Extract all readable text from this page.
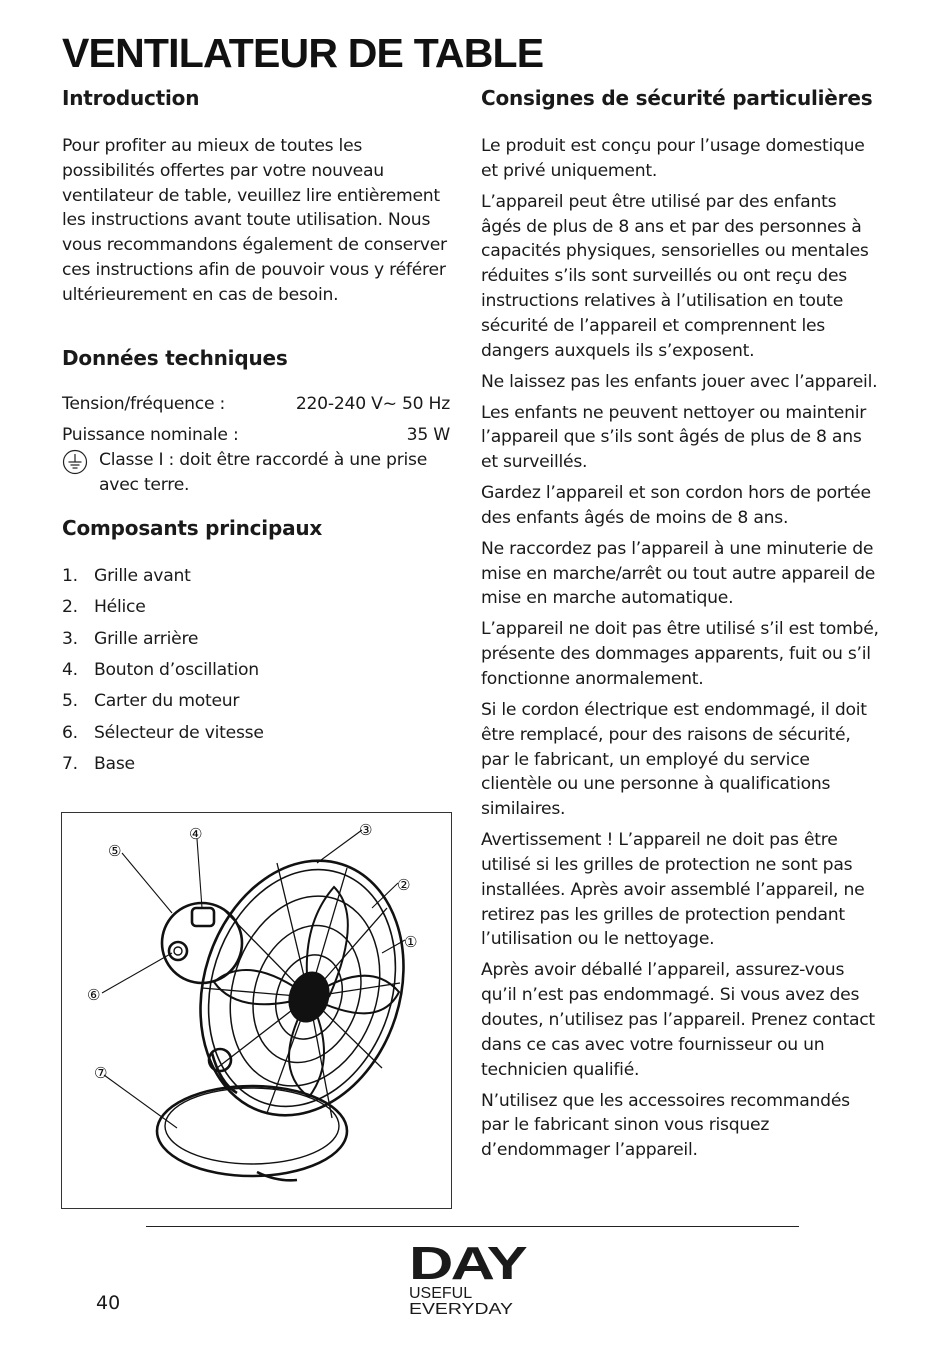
VENTILATEUR DE TABLE
Introduction

Pour profiter au mieux de toutes les possibilités offertes par votre nouveau ventilateur de table, veuillez lire entièrement les instructions avant toute utilisation. Nous vous recommandons également de conserver ces instructions afin de pouvoir vous y référer ultérieurement en cas de besoin.

Données techniques
Tension/fréquence :	220-240 V~ 50 Hz
Puissance nominale :	35 W
Classe I : doit être raccordé à une prise avec terre.
Composants principaux
1. Grille avant
2. Hélice
3. Grille arrière
4. Bouton d’oscillation
5. Carter du moteur
6. Sélecteur de vitesse
7. Base
①
②
③
④
⑤
⑥
⑦
Consignes de sécurité particulières

Le produit est conçu pour l’usage domestique et privé uniquement.

L’appareil peut être utilisé par des enfants âgés de plus de 8 ans et par des personnes à capacités physiques, sensorielles ou mentales réduites s’ils sont surveillés ou ont reçu des instructions relatives à l’utilisation en toute sécurité de l’appareil et comprennent les dangers auxquels ils s’exposent.

Ne laissez pas les enfants jouer avec l’appareil.

Les enfants ne peuvent nettoyer ou maintenir l’appareil que s’ils sont âgés de plus de 8 ans et surveillés.

Gardez l’appareil et son cordon hors de portée des enfants âgés de moins de 8 ans.

Ne raccordez pas l’appareil à une minuterie de mise en marche/arrêt ou tout autre appareil de mise en marche automatique.

L’appareil ne doit pas être utilisé s’il est tombé, présente des dommages apparents, fuit ou s’il fonctionne anormalement.

Si le cordon électrique est endommagé, il doit être remplacé, pour des raisons de sécurité, par le fabricant, un employé du service clientèle ou une personne à qualifications similaires.

Avertissement ! L’appareil ne doit pas être utilisé si les grilles de protection ne sont pas installées. Après avoir assemblé l’appareil, ne retirez pas les grilles de protection pendant l’utilisation ou le nettoyage.

Après avoir déballé l’appareil, assurez-vous qu’il n’est pas endommagé. Si vous avez des doutes, n’utilisez pas l’appareil. Prenez contact dans ce cas avec votre fournisseur ou un technicien qualifié.

N’utilisez que les accessoires recommandés par le fabricant sinon vous risquez d’endommager l’appareil.

40
DAY
USEFUL
EVERYDAY
